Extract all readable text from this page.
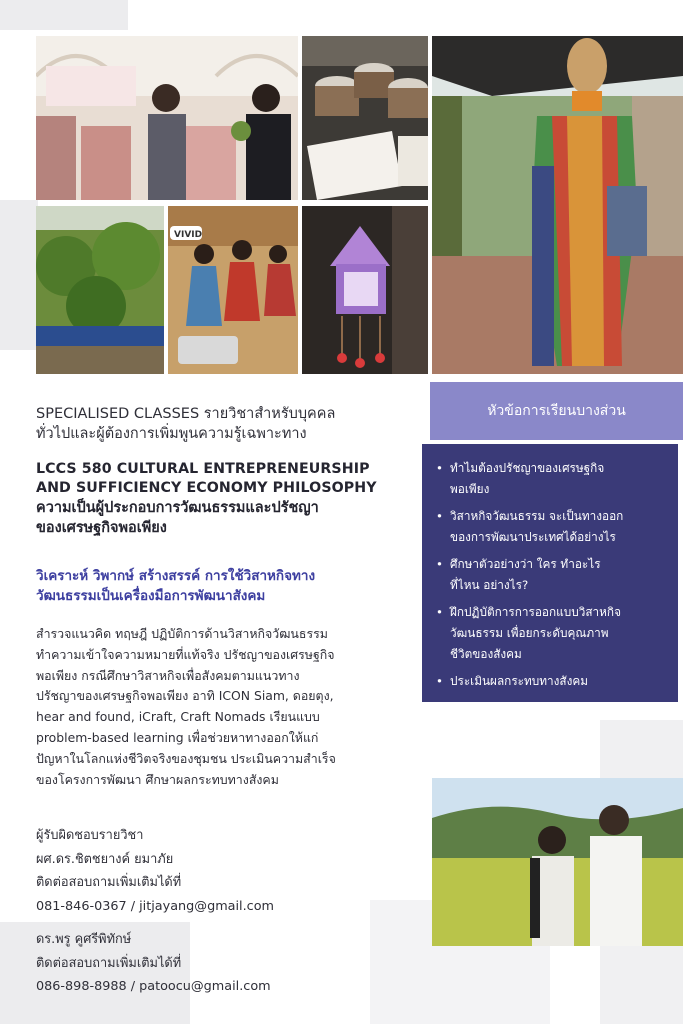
VIVID
SPECIALISED CLASSES รายวิชาสำหรับบุคคล
ทั่วไปและผู้ต้องการเพิ่มพูนความรู้เฉพาะทาง
LCCS 580 CULTURAL ENTREPRENEURSHIP
AND SUFFICIENCY ECONOMY PHILOSOPHY
ความเป็นผู้ประกอบการวัฒนธรรมและปรัชญา
ของเศรษฐกิจพอเพียง
วิเคราะห์ วิพากษ์ สร้างสรรค์ การใช้วิสาหกิจทาง
วัฒนธรรมเป็นเครื่องมือการพัฒนาสังคม
สำรวจแนวคิด ทฤษฎี ปฏิบัติการด้านวิสาหกิจวัฒนธรรม
ทำความเข้าใจความหมายที่แท้จริง ปรัชญาของเศรษฐกิจ
พอเพียง กรณีศึกษาวิสาหกิจเพื่อสังคมตามแนวทาง
ปรัชญาของเศรษฐกิจพอเพียง อาทิ ICON Siam, ดอยตุง,
hear and found, iCraft, Craft Nomads เรียนแบบ
problem-based learning เพื่อช่วยหาทางออกให้แก่
ปัญหาในโลกแห่งชีวิตจริงของชุมชน ประเมินความสำเร็จ
ของโครงการพัฒนา ศึกษาผลกระทบทางสังคม

ผู้รับผิดชอบรายวิชา

ผศ.ดร.ชิตชยางค์ ยมาภัย

ติดต่อสอบถามเพิ่มเติมได้ที่

081-846-0367 / jitjayang@gmail.com

ดร.พรู คูศรีพิทักษ์

ติดต่อสอบถามเพิ่มเติมได้ที่

086-898-8988 / patoocu@gmail.com

หัวข้อการเรียนบางส่วน
• ทำไมต้องปรัชญาของเศรษฐกิจ
พอเพียง
• วิสาหกิจวัฒนธรรม จะเป็นทางออก
ของการพัฒนาประเทศได้อย่างไร
• ศึกษาตัวอย่างว่า ใคร ทำอะไร
ที่ไหน อย่างไร?
• ฝึกปฏิบัติการการออกแบบวิสาหกิจ
วัฒนธรรม เพื่อยกระดับคุณภาพ
ชีวิตของสังคม
• ประเมินผลกระทบทางสังคม
